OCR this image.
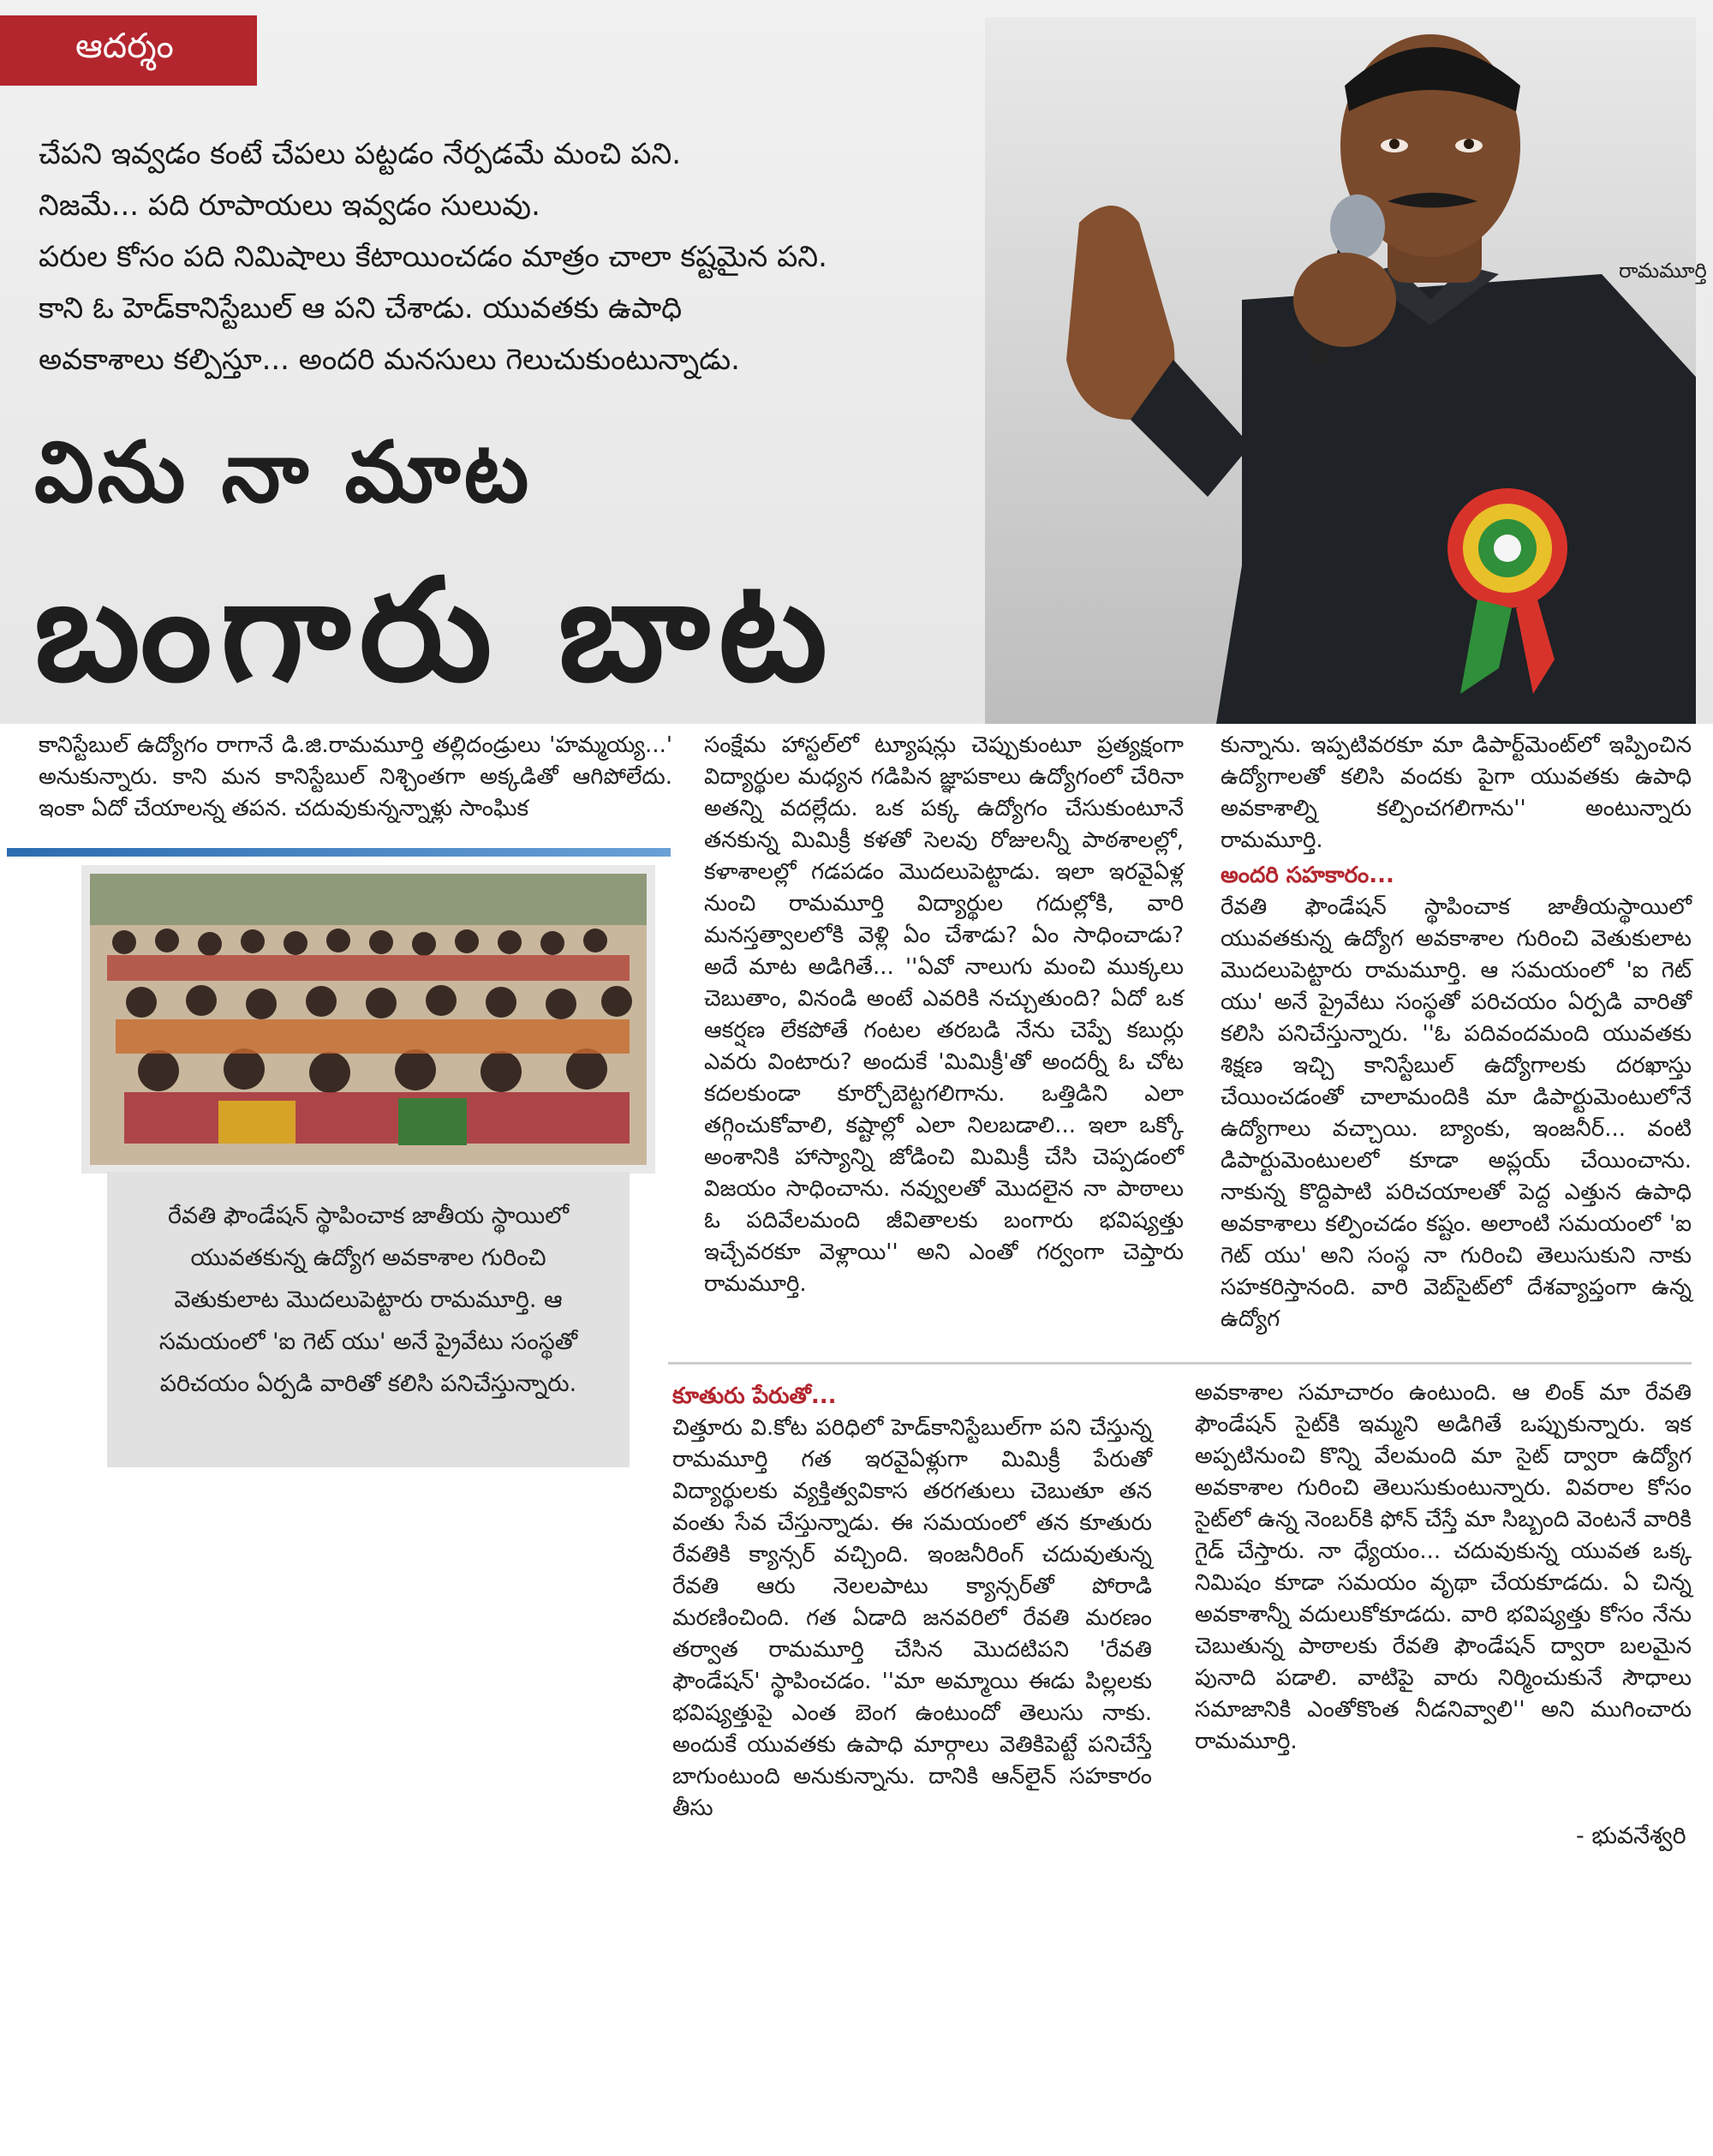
ఆదర్శం
చేపని ఇవ్వడం కంటే చేపలు పట్టడం నేర్పడమే మంచి పని.
నిజమే... పది రూపాయలు ఇవ్వడం సులువు.
పరుల కోసం పది నిమిషాలు కేటాయించడం మాత్రం చాలా కష్టమైన పని.
కాని ఓ హెడ్‌కానిస్టేబుల్ ఆ పని చేశాడు. యువతకు ఉపాధి
అవకాశాలు కల్పిస్తూ... అందరి మనసులు గెలుచుకుంటున్నాడు.
విను నా మాట
బంగారు బాట
రామమూర్తి

కానిస్టేబుల్ ఉద్యోగం రాగానే డి.జి.రామమూర్తి తల్లిదండ్రులు 'హమ్మయ్య...' అనుకున్నారు. కాని మన కానిస్టేబుల్ నిశ్చింతగా అక్కడితో ఆగిపోలేదు. ఇంకా ఏదో చేయాలన్న తపన. చదువుకున్నన్నాళ్లు సాంఘిక

రేవతి ఫౌండేషన్ స్థాపించాక జాతీయ స్థాయిలో యువతకున్న ఉద్యోగ అవకాశాల గురించి వెతుకులాట మొదలుపెట్టారు రామమూర్తి. ఆ సమయంలో 'ఐ గెట్ యు' అనే ప్రైవేటు సంస్థతో పరిచయం ఏర్పడి వారితో కలిసి పనిచేస్తున్నారు.

సంక్షేమ హాస్టల్‌లో ట్యూషన్లు చెప్పుకుంటూ ప్రత్యక్షంగా విద్యార్థుల మధ్యన గడిపిన జ్ఞాపకాలు ఉద్యోగంలో చేరినా అతన్ని వదల్లేదు. ఒక పక్క ఉద్యోగం చేసుకుంటూనే తనకున్న మిమిక్రీ కళతో సెలవు రోజులన్నీ పాఠశాలల్లో, కళాశాలల్లో గడపడం మొదలుపెట్టాడు. ఇలా ఇరవైఏళ్ల నుంచి రామమూర్తి విద్యార్థుల గదుల్లోకి, వారి మనస్తత్వాలలోకి వెళ్లి ఏం చేశాడు? ఏం సాధించాడు? అదే మాట అడిగితే... ''ఏవో నాలుగు మంచి ముక్కలు చెబుతాం, వినండి అంటే ఎవరికి నచ్చుతుంది? ఏదో ఒక ఆకర్షణ లేకపోతే గంటల తరబడి నేను చెప్పే కబుర్లు ఎవరు వింటారు? అందుకే 'మిమిక్రీ'తో అందర్నీ ఓ చోట కదలకుండా కూర్చోబెట్టగలిగాను. ఒత్తిడిని ఎలా తగ్గించుకోవాలి, కష్టాల్లో ఎలా నిలబడాలి... ఇలా ఒక్కో అంశానికి హాస్యాన్ని జోడించి మిమిక్రీ చేసి చెప్పడంలో విజయం సాధించాను. నవ్వులతో మొదలైన నా పాఠాలు ఓ పదివేలమంది జీవితాలకు బంగారు భవిష్యత్తు ఇచ్చేవరకూ వెళ్లాయి'' అని ఎంతో గర్వంగా చెప్తారు రామమూర్తి.

కున్నాను. ఇప్పటివరకూ మా డిపార్ట్‌మెంట్‌లో ఇప్పించిన ఉద్యోగాలతో కలిసి వందకు పైగా యువతకు ఉపాధి అవకాశాల్ని కల్పించగలిగాను'' అంటున్నారు రామమూర్తి.

అందరి సహకారం...

రేవతి ఫౌండేషన్ స్థాపించాక జాతీయస్థాయిలో యువతకున్న ఉద్యోగ అవకాశాల గురించి వెతుకులాట మొదలుపెట్టారు రామమూర్తి. ఆ సమయంలో 'ఐ గెట్ యు' అనే ప్రైవేటు సంస్థతో పరిచయం ఏర్పడి వారితో కలిసి పనిచేస్తున్నారు. ''ఓ పదివందమంది యువతకు శిక్షణ ఇచ్చి కానిస్టేబుల్ ఉద్యోగాలకు దరఖాస్తు చేయించడంతో చాలామందికి మా డిపార్టుమెంటులోనే ఉద్యోగాలు వచ్చాయి. బ్యాంకు, ఇంజనీర్... వంటి డిపార్టుమెంటులలో కూడా అప్లయ్ చేయించాను. నాకున్న కొద్దిపాటి పరిచయాలతో పెద్ద ఎత్తున ఉపాధి అవకాశాలు కల్పించడం కష్టం. అలాంటి సమయంలో 'ఐ గెట్ యు' అని సంస్థ నా గురించి తెలుసుకుని నాకు సహకరిస్తానంది. వారి వెబ్‌సైట్‌లో దేశవ్యాప్తంగా ఉన్న ఉద్యోగ

కూతురు పేరుతో...

చిత్తూరు వి.కోట పరిధిలో హెడ్‌కానిస్టేబుల్‌గా పని చేస్తున్న రామమూర్తి గత ఇరవైఏళ్లుగా మిమిక్రీ పేరుతో విద్యార్థులకు వ్యక్తిత్వవికాస తరగతులు చెబుతూ తన వంతు సేవ చేస్తున్నాడు. ఈ సమయంలో తన కూతురు రేవతికి క్యాన్సర్ వచ్చింది. ఇంజనీరింగ్ చదువుతున్న రేవతి ఆరు నెలలపాటు క్యాన్సర్‌తో పోరాడి మరణించింది. గత ఏడాది జనవరిలో రేవతి మరణం తర్వాత రామమూర్తి చేసిన మొదటిపని 'రేవతి ఫౌండేషన్' స్థాపించడం. ''మా అమ్మాయి ఈడు పిల్లలకు భవిష్యత్తుపై ఎంత బెంగ ఉంటుందో తెలుసు నాకు. అందుకే యువతకు ఉపాధి మార్గాలు వెతికిపెట్టే పనిచేస్తే బాగుంటుంది అనుకున్నాను. దానికి ఆన్‌లైన్ సహకారం తీసు

అవకాశాల సమాచారం ఉంటుంది. ఆ లింక్ మా రేవతి ఫౌండేషన్ సైట్‌కి ఇమ్మని అడిగితే ఒప్పుకున్నారు. ఇక అప్పటినుంచి కొన్ని వేలమంది మా సైట్ ద్వారా ఉద్యోగ అవకాశాల గురించి తెలుసుకుంటున్నారు. వివరాల కోసం సైట్‌లో ఉన్న నెంబర్‌కి ఫోన్ చేస్తే మా సిబ్బంది వెంటనే వారికి గైడ్ చేస్తారు. నా ధ్యేయం... చదువుకున్న యువత ఒక్క నిమిషం కూడా సమయం వృథా చేయకూడదు. ఏ చిన్న అవకాశాన్నీ వదులుకోకూడదు. వారి భవిష్యత్తు కోసం నేను చెబుతున్న పాఠాలకు రేవతి ఫౌండేషన్ ద్వారా బలమైన పునాది పడాలి. వాటిపై వారు నిర్మించుకునే సౌధాలు సమాజానికి ఎంతోకొంత నీడనివ్వాలి'' అని ముగించారు రామమూర్తి.

- భువనేశ్వరి
